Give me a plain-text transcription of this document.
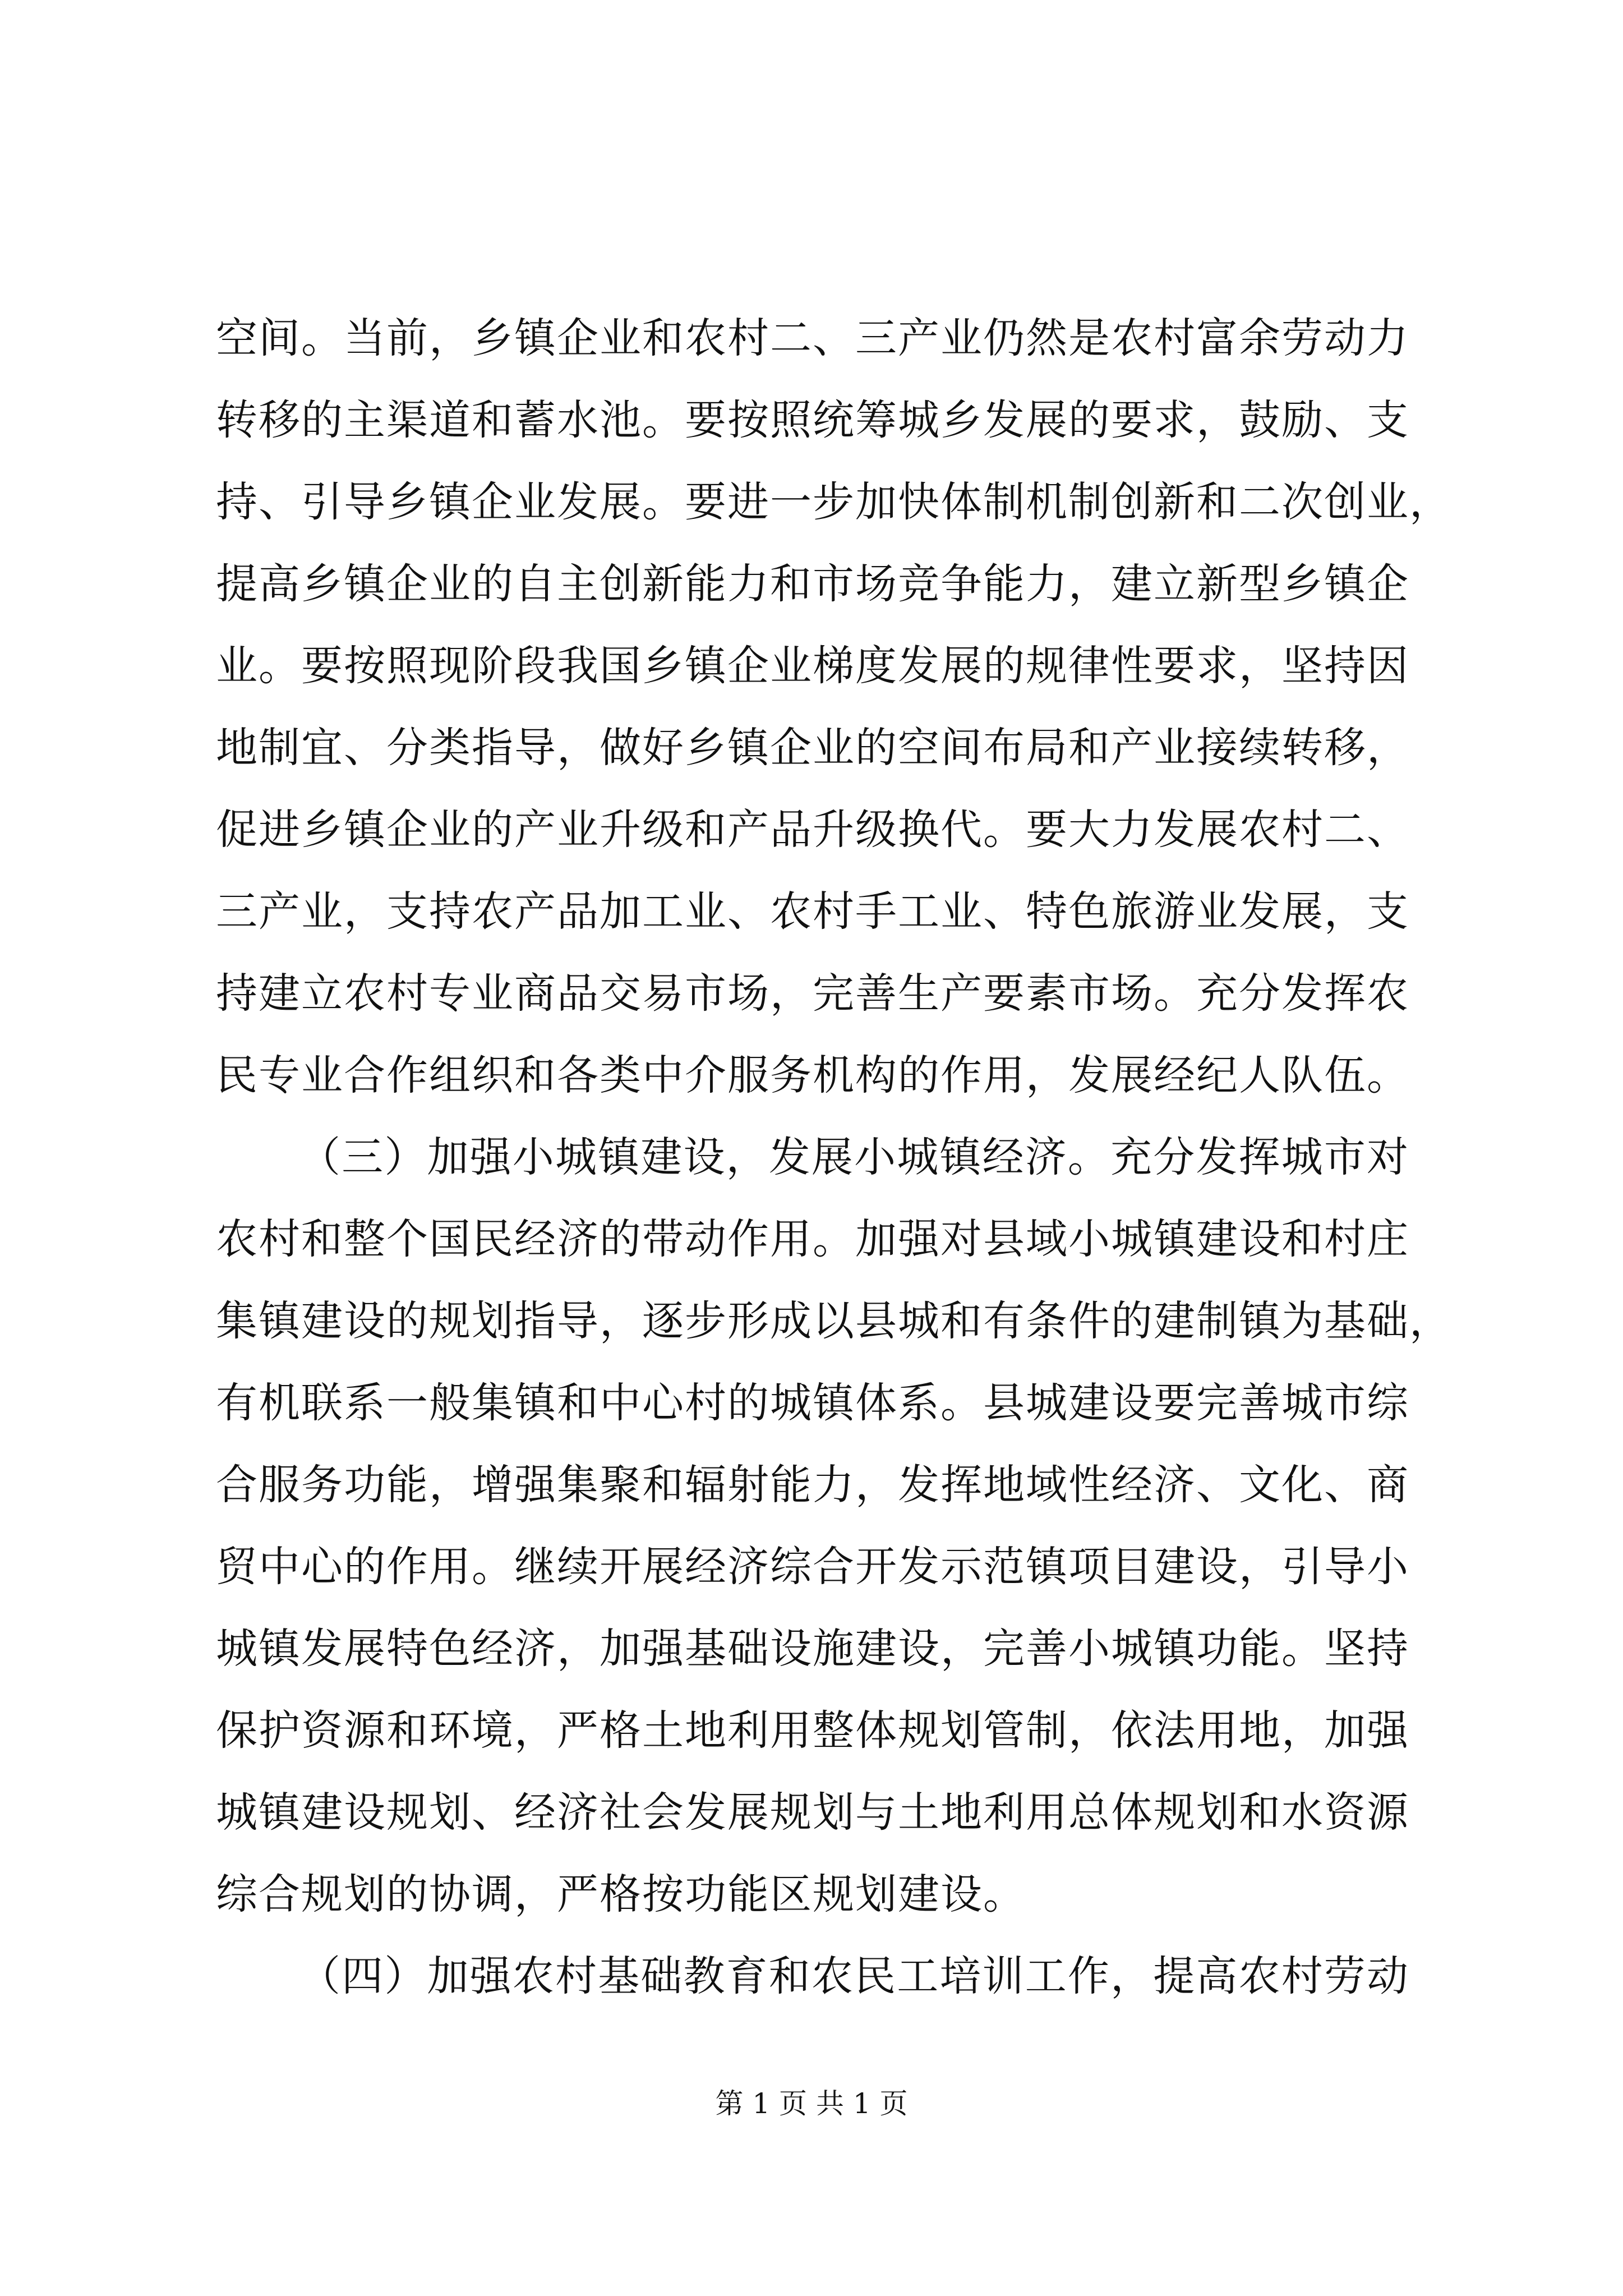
空间。当前，乡镇企业和农村二、三产业仍然是农村富余劳动力
转移的主渠道和蓄水池。要按照统筹城乡发展的要求，鼓励、支
持、引导乡镇企业发展。要进一步加快体制机制创新和二次创业，
提高乡镇企业的自主创新能力和市场竞争能力，建立新型乡镇企
业。要按照现阶段我国乡镇企业梯度发展的规律性要求，坚持因
地制宜、分类指导，做好乡镇企业的空间布局和产业接续转移，
促进乡镇企业的产业升级和产品升级换代。要大力发展农村二、
三产业，支持农产品加工业、农村手工业、特色旅游业发展，支
持建立农村专业商品交易市场，完善生产要素市场。充分发挥农
民专业合作组织和各类中介服务机构的作用，发展经纪人队伍。
（三）加强小城镇建设，发展小城镇经济。充分发挥城市对
农村和整个国民经济的带动作用。加强对县域小城镇建设和村庄
集镇建设的规划指导，逐步形成以县城和有条件的建制镇为基础，
有机联系一般集镇和中心村的城镇体系。县城建设要完善城市综
合服务功能，增强集聚和辐射能力，发挥地域性经济、文化、商
贸中心的作用。继续开展经济综合开发示范镇项目建设，引导小
城镇发展特色经济，加强基础设施建设，完善小城镇功能。坚持
保护资源和环境，严格土地利用整体规划管制，依法用地，加强
城镇建设规划、经济社会发展规划与土地利用总体规划和水资源
综合规划的协调，严格按功能区规划建设。
（四）加强农村基础教育和农民工培训工作，提高农村劳动
第 1 页 共 1 页
